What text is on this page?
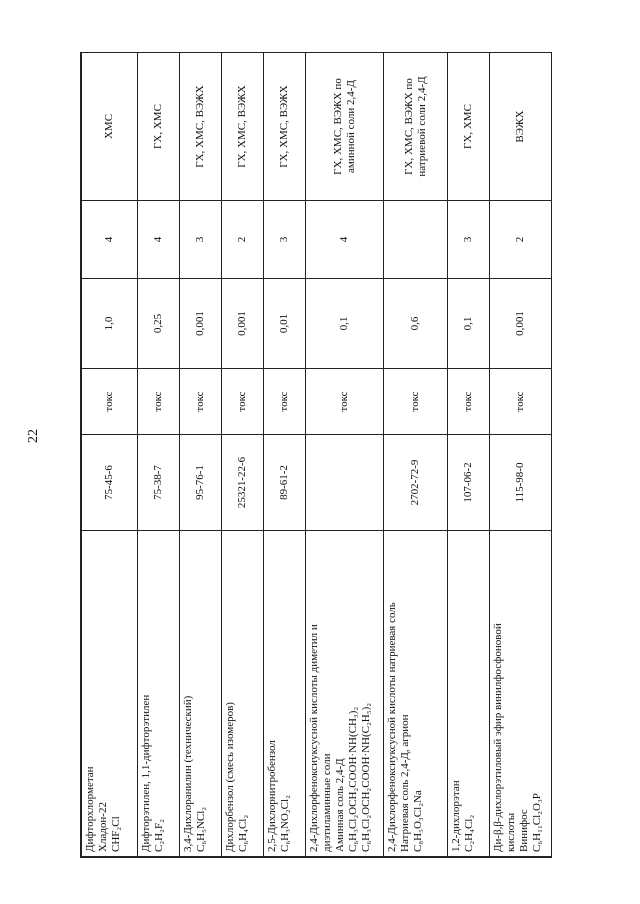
22
Дифторхлорметан Хладон-22 CHF₂Cl	75-45-6	токс	1,0	4	ХМС

Дифторэтилен, 1,1-дифторэтилен C₂H₂F₂	75-38-7	токс	0,25	4	ГХ, ХМС

3,4-Дихлоранилин (технический) C₆H₅NCl₂	95-76-1	токс	0,001	3	ГХ, ХМС, ВЭЖХ

Дихлорбензол (смесь изомеров) C₆H₄Cl₂	25321-22-6	токс	0,001	2	ГХ, ХМС, ВЭЖХ

2,5-Дихлорнитробензол C₆H₃NO₂Cl₂	89-61-2	токс	0,01	3	ГХ, ХМС, ВЭЖХ

2,4-Дихлорфеноксиуксусной кислоты диметил и диэтиламинные соли Аминная соль 2,4-Д C₆H₃Cl₂OCH₂COOH·NH(CH₃)₂ C₆H₃Cl₂OCH₂COOH·NH(C₂H₅)₂		токс	0,1	4	ГХ, ХМС, ВЭЖХ по аминной соли 2,4-Д

2,4-Дихлорфеноксиуксусной кислоты натриевая соль Натриевая соль 2,4-Д, агрион C₈H₅O₃Cl₂Na	2702-72-9	токс	0,6		ГХ, ХМС, ВЭЖХ по натриевой соли 2,4-Д

1,2-дихлорэтан C₂H₄Cl₂	107-06-2	токс	0,1	3	ГХ, ХМС

Ди-β,β-дихлорэтиловый эфир винилфосфоновой кислоты Винифос C₆H₁₁Cl₂O₃P	115-98-0	токс	0,001	2	ВЭЖХ
